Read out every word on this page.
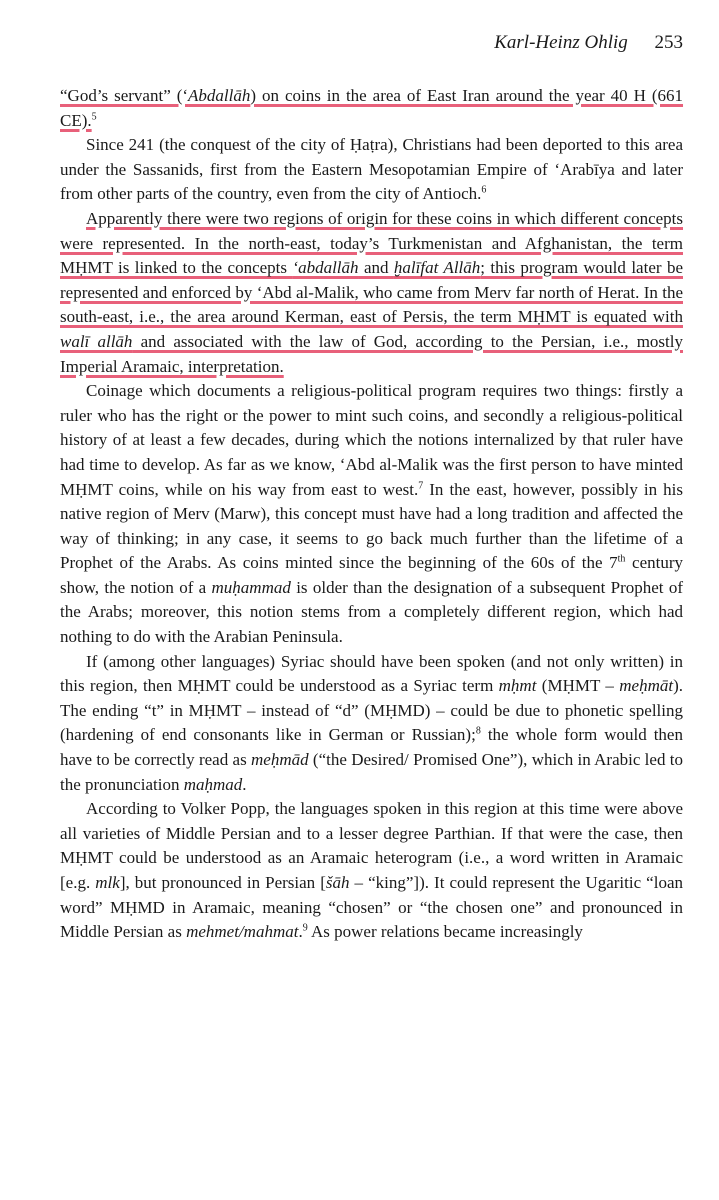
Karl-Heinz Ohlig 253

“God’s servant” (‘Abdallāh) on coins in the area of East Iran around the year 40 H (661 CE).$^5$

Since 241 (the conquest of the city of Ḥaṭra), Christians had been deported to this area under the Sassanids, first from the Eastern Mesopotamian Empire of ‘Arabīya and later from other parts of the country, even from the city of Antioch.$^6$

Apparently there were two regions of origin for these coins in which different concepts were represented. In the north-east, today’s Turkmenistan and Afghanistan, the term MḤMT is linked to the concepts ‘abdallāh and ḫalīfat Allāh; this program would later be represented and enforced by ‘Abd al-Malik, who came from Merv far north of Herat. In the south-east, i.e., the area around Kerman, east of Persis, the term MḤMT is equated with walī allāh and associated with the law of God, according to the Persian, i.e., mostly Imperial Aramaic, interpretation.

Coinage which documents a religious-political program requires two things: firstly a ruler who has the right or the power to mint such coins, and secondly a religious-political history of at least a few decades, during which the notions internalized by that ruler have had time to develop. As far as we know, ‘Abd al-Malik was the first person to have minted MḤMT coins, while on his way from east to west.$^7$ In the east, however, possibly in his native region of Merv (Marw), this concept must have had a long tradition and affected the way of thinking; in any case, it seems to go back much further than the lifetime of a Prophet of the Arabs. As coins minted since the beginning of the 60s of the 7th century show, the notion of a muḥammad is older than the designation of a subsequent Prophet of the Arabs; moreover, this notion stems from a completely different region, which had nothing to do with the Arabian Peninsula.

If (among other languages) Syriac should have been spoken (and not only written) in this region, then MḤMT could be understood as a Syriac term mḥmt (MḤMT – meḥmāt). The ending “t” in MḤMT – instead of “d” (MḤMD) – could be due to phonetic spelling (hardening of end consonants like in German or Russian);$^8$ the whole form would then have to be correctly read as meḥmād (“the Desired/ Promised One”), which in Arabic led to the pronunciation maḥmad.

According to Volker Popp, the languages spoken in this region at this time were above all varieties of Middle Persian and to a lesser degree Parthian. If that were the case, then MḤMT could be understood as an Aramaic heterogram (i.e., a word written in Aramaic [e.g. mlk], but pronounced in Persian [šāh – “king”]). It could represent the Ugaritic “loan word” MḤMD in Aramaic, meaning “chosen” or “the chosen one” and pronounced in Middle Persian as mehmet/mahmat.$^9$ As power relations became increasingly
